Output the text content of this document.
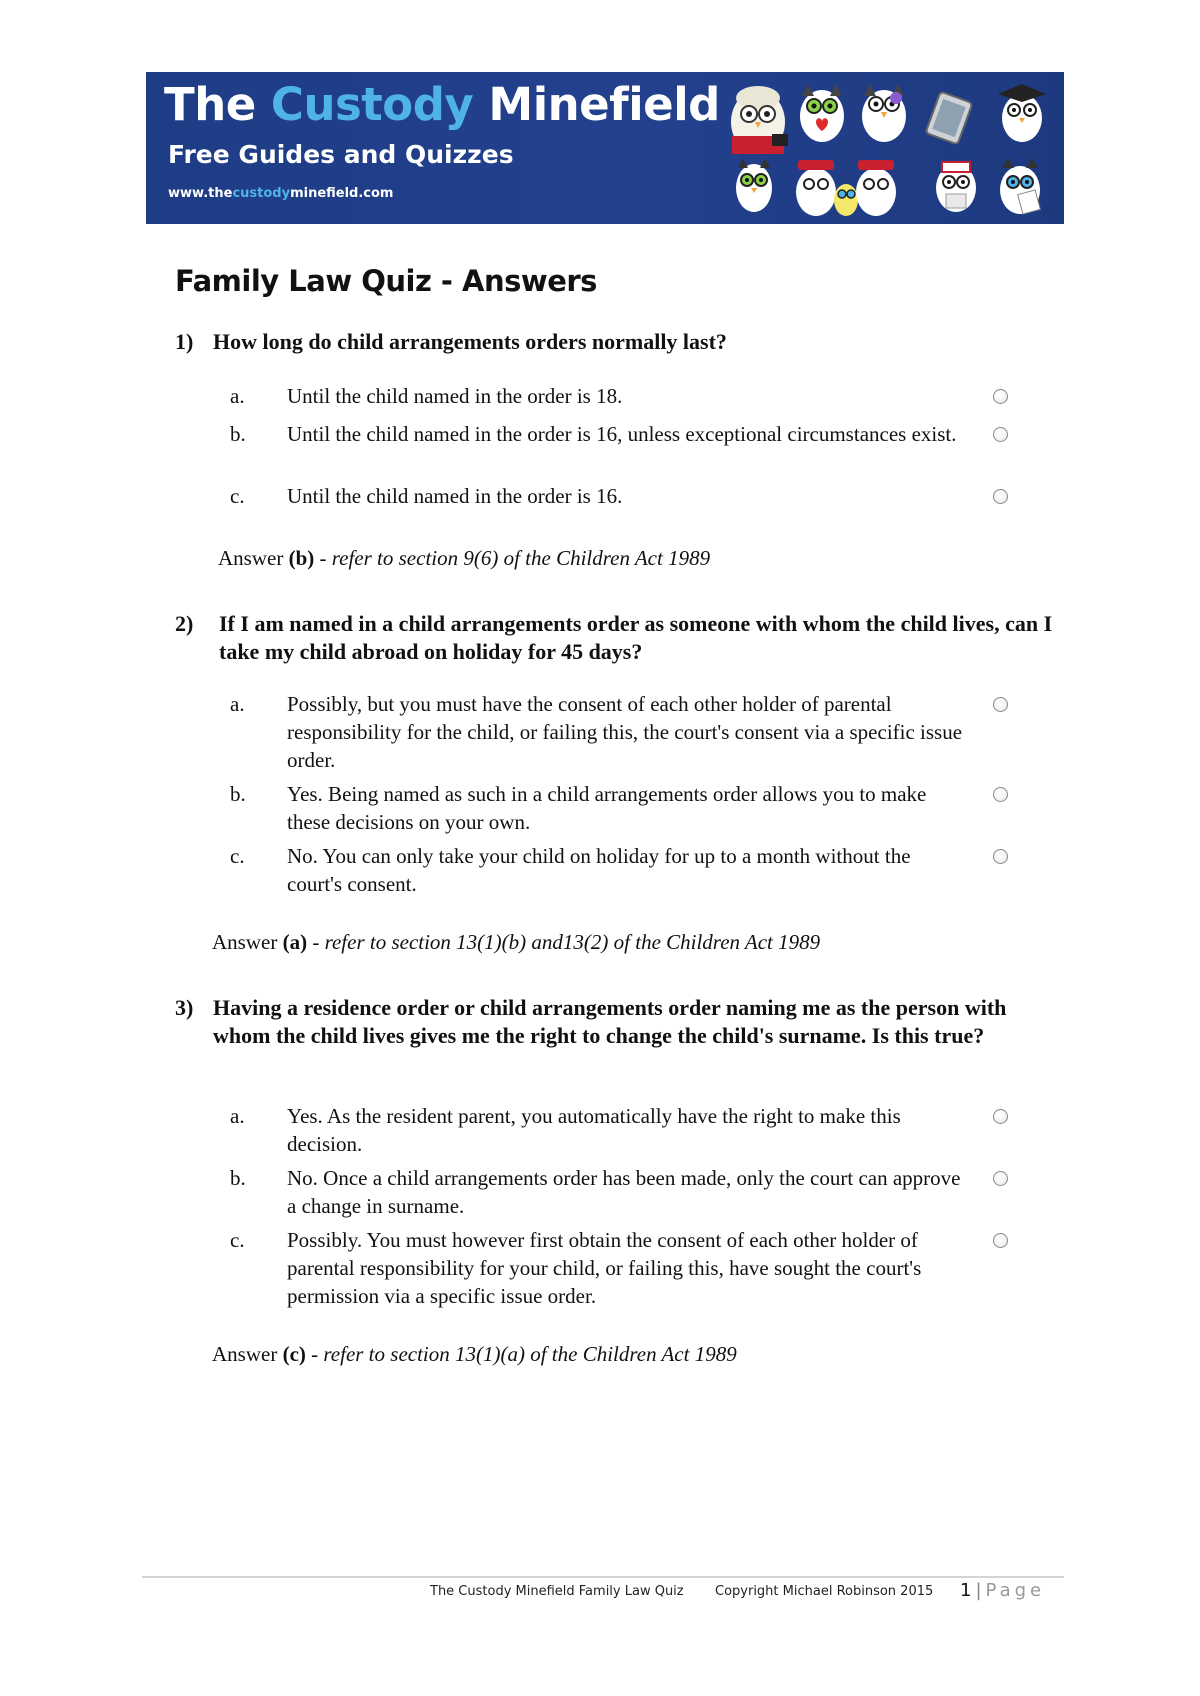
The Custody Minefield
Free Guides and Quizzes
www.thecustodyminefield.com
Family Law Quiz - Answers
1) How long do child arrangements orders normally last?
a. Until the child named in the order is 18.
b. Until the child named in the order is 16, unless exceptional circumstances exist.
c. Until the child named in the order is 16.
Answer (b) - refer to section 9(6) of the Children Act 1989
2) If I am named in a child arrangements order as someone with whom the child lives, can I take my child abroad on holiday for 45 days?
a. Possibly, but you must have the consent of each other holder of parental responsibility for the child, or failing this, the court's consent via a specific issue order.
b. Yes. Being named as such in a child arrangements order allows you to make these decisions on your own.
c. No. You can only take your child on holiday for up to a month without the court's consent.
Answer (a) - refer to section 13(1)(b) and13(2) of the Children Act 1989
3) Having a residence order or child arrangements order naming me as the person with whom the child lives gives me the right to change the child's surname. Is this true?
a. Yes. As the resident parent, you automatically have the right to make this decision.
b. No. Once a child arrangements order has been made, only the court can approve a change in surname.
c. Possibly. You must however first obtain the consent of each other holder of parental responsibility for your child, or failing this, have sought the court's permission via a specific issue order.
Answer (c) - refer to section 13(1)(a) of the Children Act 1989
The Custody Minefield Family Law Quiz Copyright Michael Robinson 2015 1 | Page
